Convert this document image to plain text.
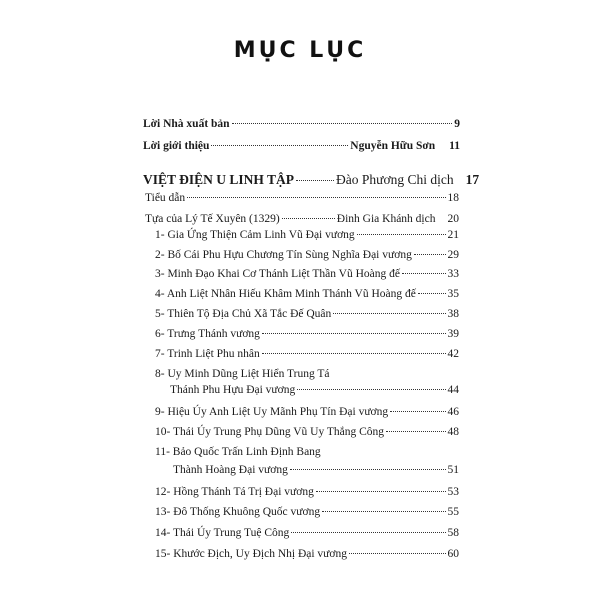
MỤC LỤC
Lời Nhà xuất bản	9
Lời giới thiệu	Nguyễn Hữu Sơn 11
VIỆT ĐIỆN U LINH TẬP	Đào Phương Chi dịch 17
Tiểu dẫn	18
Tựa của Lý Tế Xuyên (1329)	Đinh Gia Khánh dịch 20
1- Gia Ứng Thiện Cảm Linh Vũ Đại vương	21
2- Bố Cái Phu Hựu Chương Tín Sùng Nghĩa Đại vương	29
3- Minh Đạo Khai Cơ Thánh Liệt Thần Vũ Hoàng đế	33
4- Anh Liệt Nhân Hiếu Khâm Minh Thánh Vũ Hoàng đế	35
5- Thiên Tộ Địa Chủ Xã Tắc Đế Quân	38
6- Trưng Thánh vương	39
7- Trinh Liệt Phu nhân	42
8- Uy Minh Dũng Liệt Hiển Trung Tá
Thánh Phu Hựu Đại vương	44
9- Hiệu Úy Anh Liệt Uy Mãnh Phụ Tín Đại vương	46
10- Thái Úy Trung Phụ Dũng Vũ Uy Thắng Công	48
11- Bảo Quốc Trấn Linh Định Bang
Thành Hoàng Đại vương	51
12- Hồng Thánh Tá Trị Đại vương	53
13- Đô Thống Khuông Quốc vương	55
14- Thái Úy Trung Tuệ Công	58
15- Khước Địch, Uy Địch Nhị Đại vương	60
